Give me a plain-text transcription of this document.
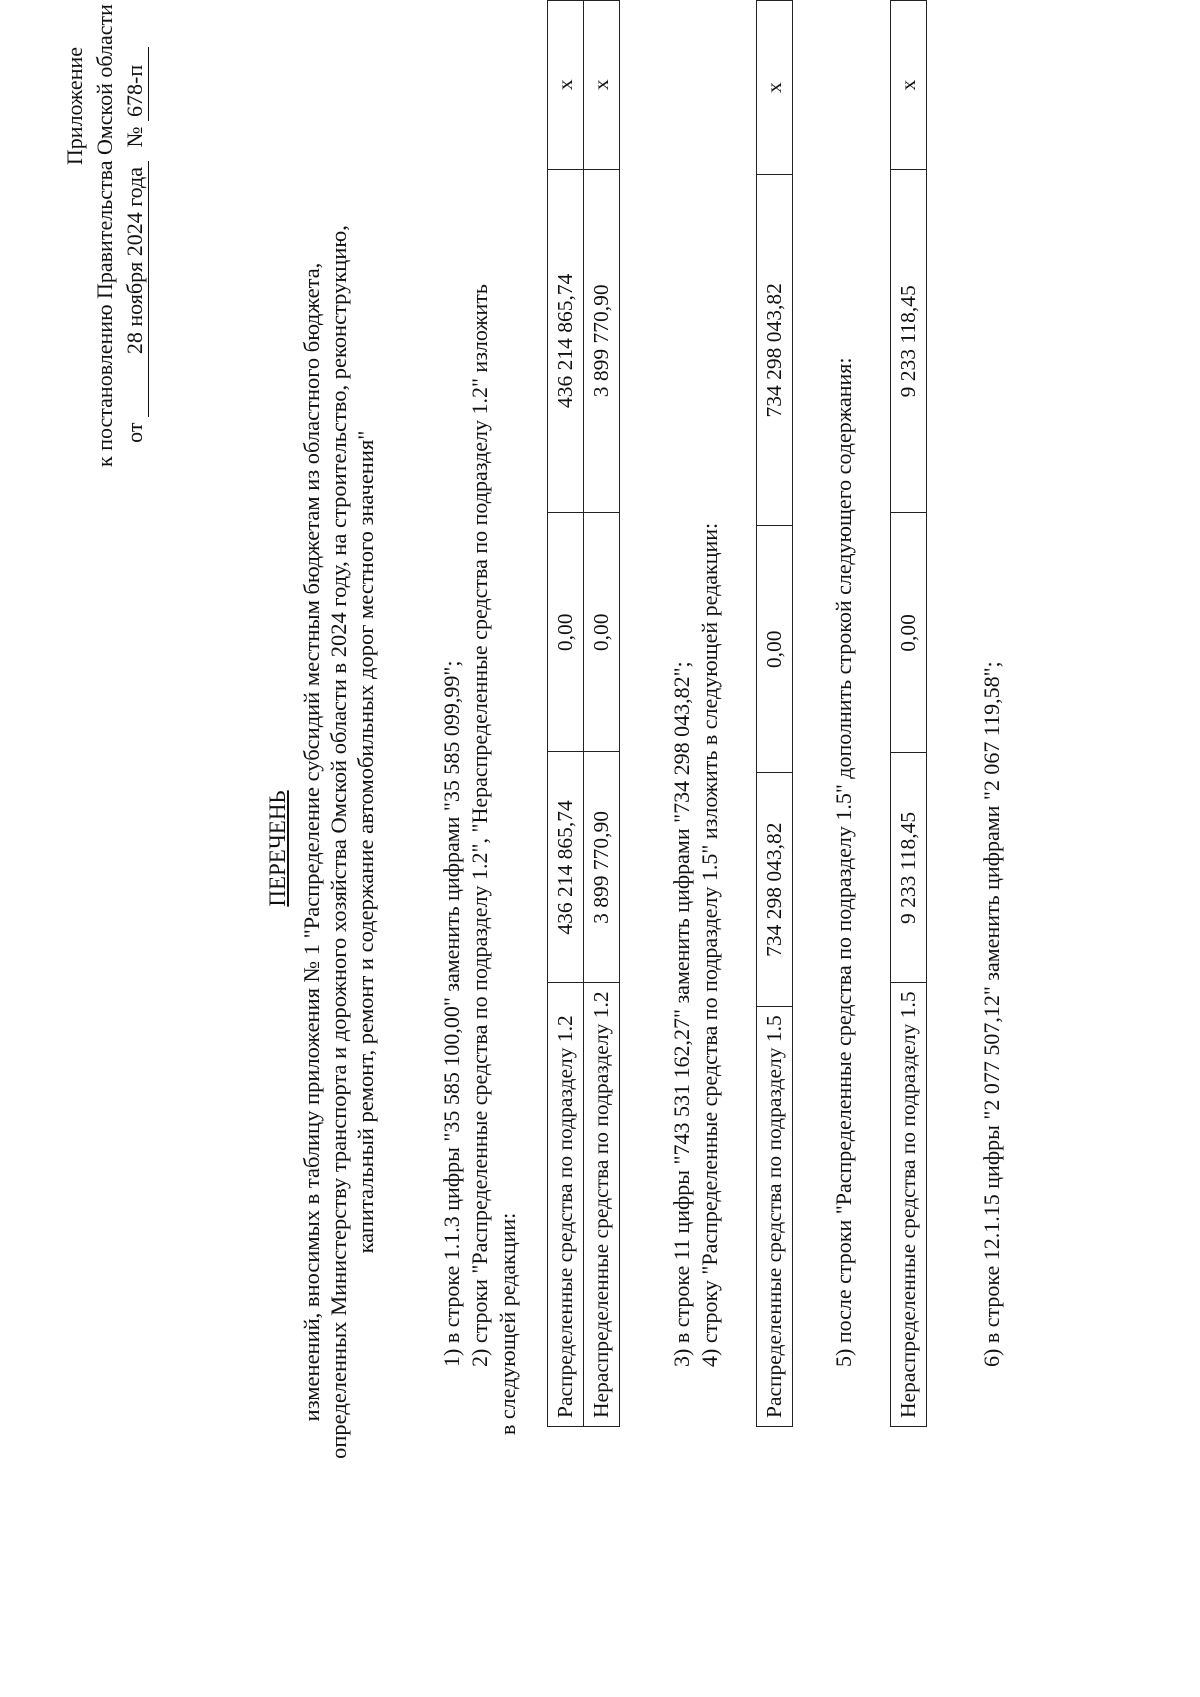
Приложение к постановлению Правительства Омской области от 28 ноября 2024 года № 678-п
ПЕРЕЧЕНЬ изменений, вносимых в таблицу приложения № 1 "Распределение субсидий местным бюджетам из областного бюджета, определенных Министерству транспорта и дорожного хозяйства Омской области в 2024 году, на строительство, реконструкцию, капитальный ремонт, ремонт и содержание автомобильных дорог местного значения"	1) в строке 1.1.3 цифры "35 585 100,00" заменить цифрами "35 585 099,99"; 2) строки "Распределенные средства по подразделу 1.2", "Нераспределенные средства по подразделу 1.2" изложить в следующей редакции: Распределенные средства по подразделу 1.2	436 214 865,74	0,00	436 214 865,74	х
Нераспределенные средства по подразделу 1.2	3 899 770,90	0,00	3 899 770,90	х
3) в строке 11 цифры "743 531 162,27" заменить цифрами "734 298 043,82"; 4) строку "Распределенные средства по подразделу 1.5" изложить в следующей редакции: Распределенные средства по подразделу 1.5	734 298 043,82	0,00	734 298 043,82	х
5) после строки "Распределенные средства по подразделу 1.5" дополнить строкой следующего содержания: Нераспределенные средства по подразделу 1.5	9 233 118,45	0,00	9 233 118,45	х
6) в строке 12.1.15 цифры "2 077 507,12" заменить цифрами "2 067 119,58";
